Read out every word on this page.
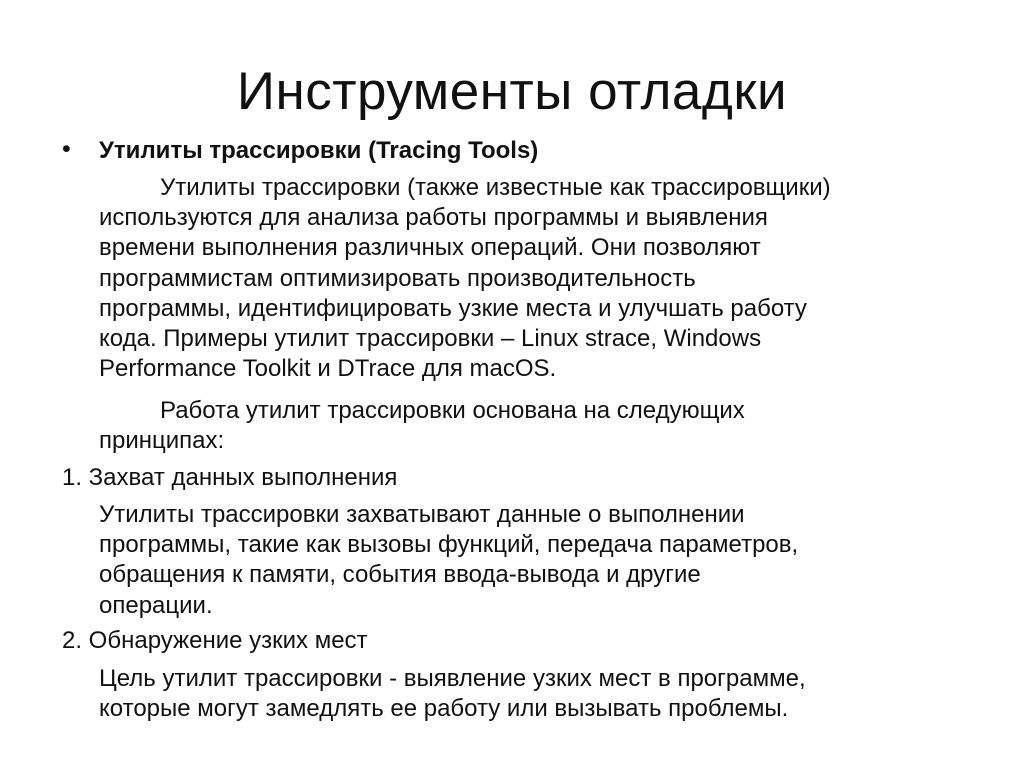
Инструменты отладки
• Утилиты трассировки (Tracing Tools)

Утилиты трассировки (также известные как трассировщики)
используются для анализа работы программы и выявления
времени выполнения различных операций. Они позволяют
программистам оптимизировать производительность
программы, идентифицировать узкие места и улучшать работу
кода. Примеры утилит трассировки – Linux strace, Windows
Performance Toolkit и DTrace для macOS.

Работа утилит трассировки основана на следующих
принципах:

1. Захват данных выполнения

Утилиты трассировки захватывают данные о выполнении
программы, такие как вызовы функций, передача параметров,
обращения к памяти, события ввода-вывода и другие
операции.

2. Обнаружение узких мест

Цель утилит трассировки - выявление узких мест в программе,
которые могут замедлять ее работу или вызывать проблемы.
